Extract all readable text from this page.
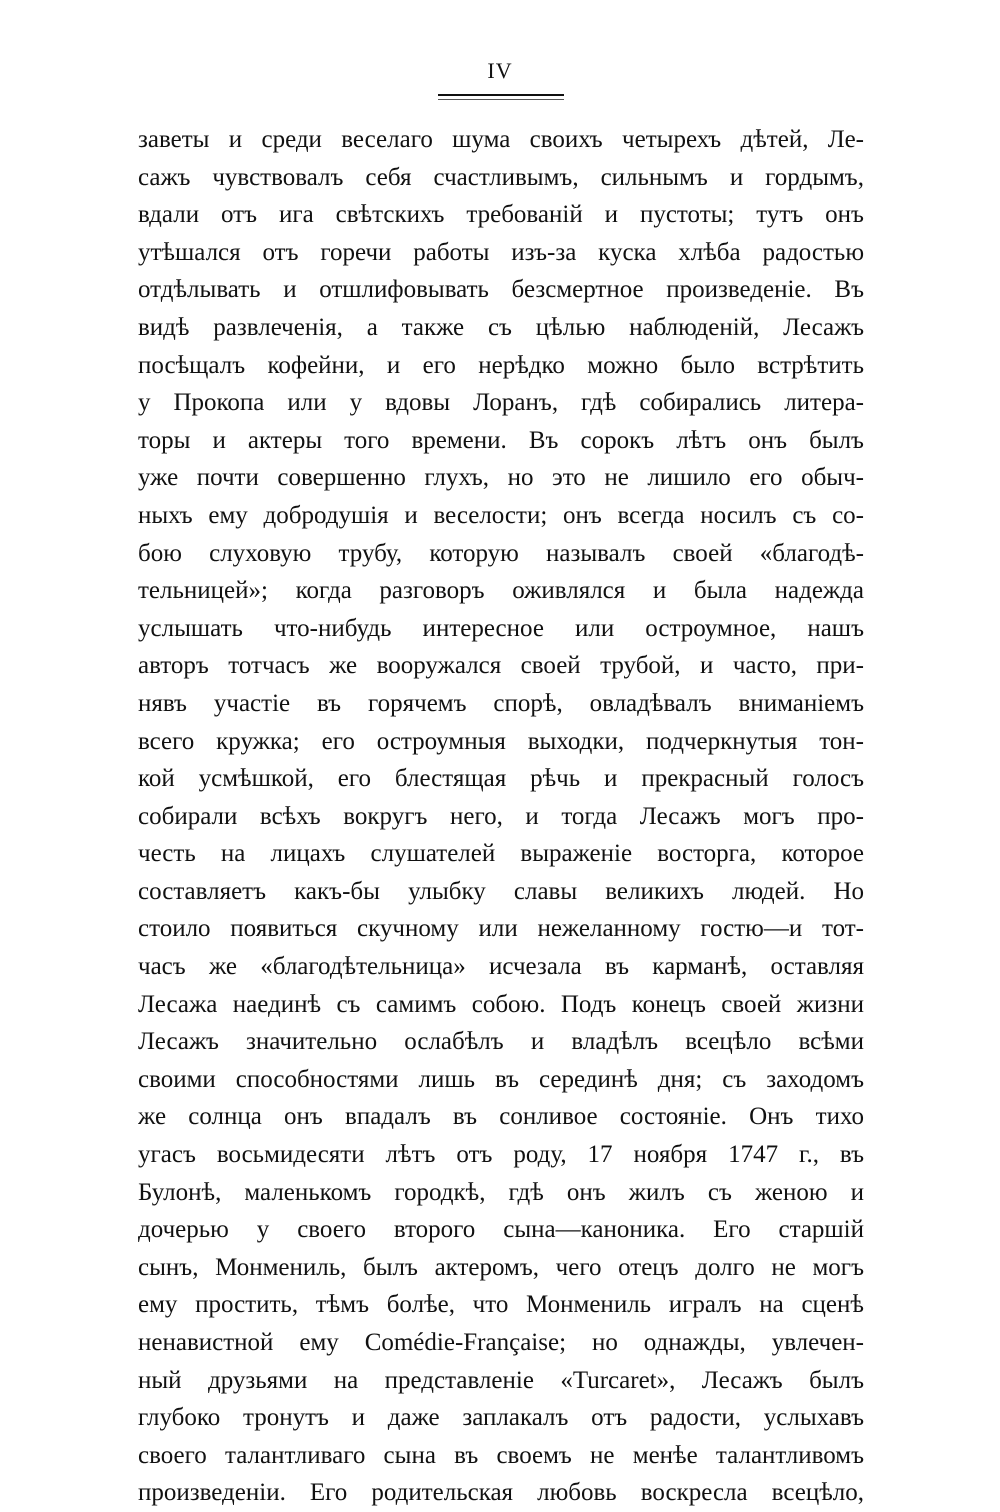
IV
заветы и среди веселаго шума своихъ четырехъ дѣтей, Ле-
сажъ чувствовалъ себя счастливымъ, сильнымъ и гордымъ,
вдали отъ ига свѣтскихъ требованій и пустоты; тутъ онъ
утѣшался отъ горечи работы изъ-за куска хлѣба радостью
отдѣлывать и отшлифовывать безсмертное произведеніе. Въ
видѣ развлеченія, а также съ цѣлью наблюденій, Лесажъ
посѣщалъ кофейни, и его нерѣдко можно было встрѣтить
у Прокопа или у вдовы Лоранъ, гдѣ собирались литера-
торы и актеры того времени. Въ сорокъ лѣтъ онъ былъ
уже почти совершенно глухъ, но это не лишило его обыч-
ныхъ ему добродушія и веселости; онъ всегда носилъ съ со-
бою слуховую трубу, которую называлъ своей «благодѣ-
тельницей»; когда разговоръ оживлялся и была надежда
услышать что-нибудь интересное или остроумное, нашъ
авторъ тотчасъ же вооружался своей трубой, и часто, при-
нявъ участіе въ горячемъ спорѣ, овладѣвалъ вниманіемъ
всего кружка; его остроумныя выходки, подчеркнутыя тон-
кой усмѣшкой, его блестящая рѣчь и прекрасный голосъ
собирали всѣхъ вокругъ него, и тогда Лесажъ могъ про-
честь на лицахъ слушателей выраженіе восторга, которое
составляетъ какъ-бы улыбку славы великихъ людей. Но
стоило появиться скучному или нежеланному гостю—и тот-
часъ же «благодѣтельница» исчезала въ карманѣ, оставляя
Лесажа наединѣ съ самимъ собою. Подъ конецъ своей жизни
Лесажъ значительно ослабѣлъ и владѣлъ всецѣло всѣми
своими способностями лишь въ серединѣ дня; съ заходомъ
же солнца онъ впадалъ въ сонливое состояніе. Онъ тихо
угасъ восьмидесяти лѣтъ отъ роду, 17 ноября 1747 г., въ
Булонѣ, маленькомъ городкѣ, гдѣ онъ жилъ съ женою и
дочерью у своего второго сына—каноника. Его старшій
сынъ, Монмениль, былъ актеромъ, чего отецъ долго не могъ
ему простить, тѣмъ болѣе, что Монмениль игралъ на сценѣ
ненавистной ему Comédie-Française; но однажды, увлечен-
ный друзьями на представленіе «Turcaret», Лесажъ былъ
глубоко тронутъ и даже заплакалъ отъ радости, услыхавъ
своего талантливаго сына въ своемъ не менѣе талантливомъ
произведеніи. Его родительская любовь воскресла всецѣло,
